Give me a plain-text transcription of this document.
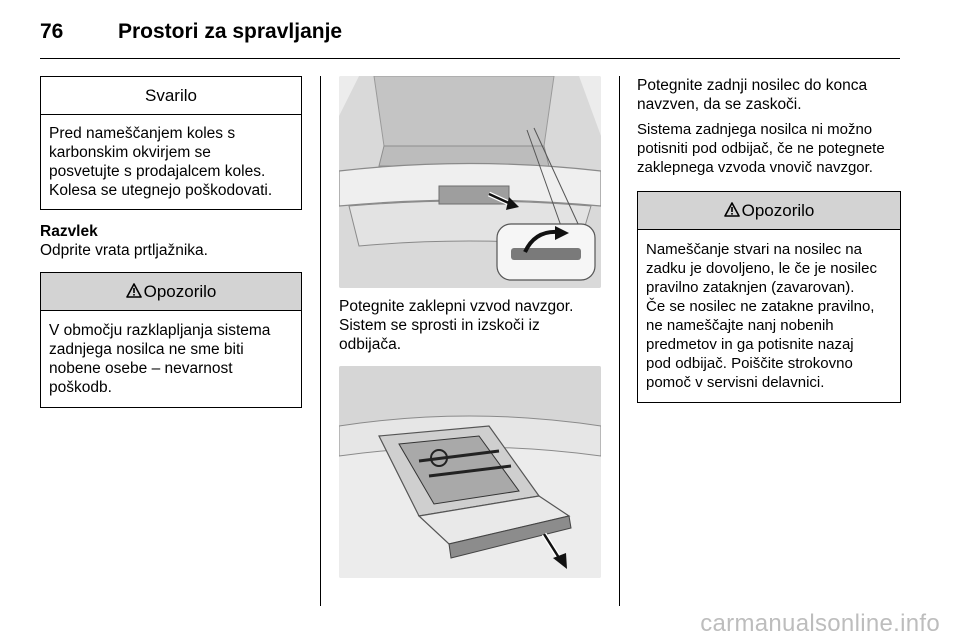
76	Prostori za spravljanje
Svarilo
Pred nameščanjem koles s
karbonskim okvirjem se
posvetujte s prodajalcem koles.
Kolesa se utegnejo poškodovati.
Razvlek
Odprite vrata prtljažnika.
Opozorilo
V območju razklapljanja sistema
zadnjega nosilca ne sme biti
nobene osebe – nevarnost
poškodb.
Potegnite zaklepni vzvod navzgor.
Sistem se sprosti in izskoči iz
odbijača.
Potegnite zadnji nosilec do konca
navzven, da se zaskoči.
Sistema zadnjega nosilca ni možno
potisniti pod odbijač, če ne potegnete
zaklepnega vzvoda vnovič navzgor.
Opozorilo
Nameščanje stvari na nosilec na
zadku je dovoljeno, le če je nosilec
pravilno zataknjen (zavarovan).
Če se nosilec ne zatakne pravilno,
ne nameščajte nanj nobenih
predmetov in ga potisnite nazaj
pod odbijač. Poiščite strokovno
pomoč v servisni delavnici.
carmanualsonline.info
